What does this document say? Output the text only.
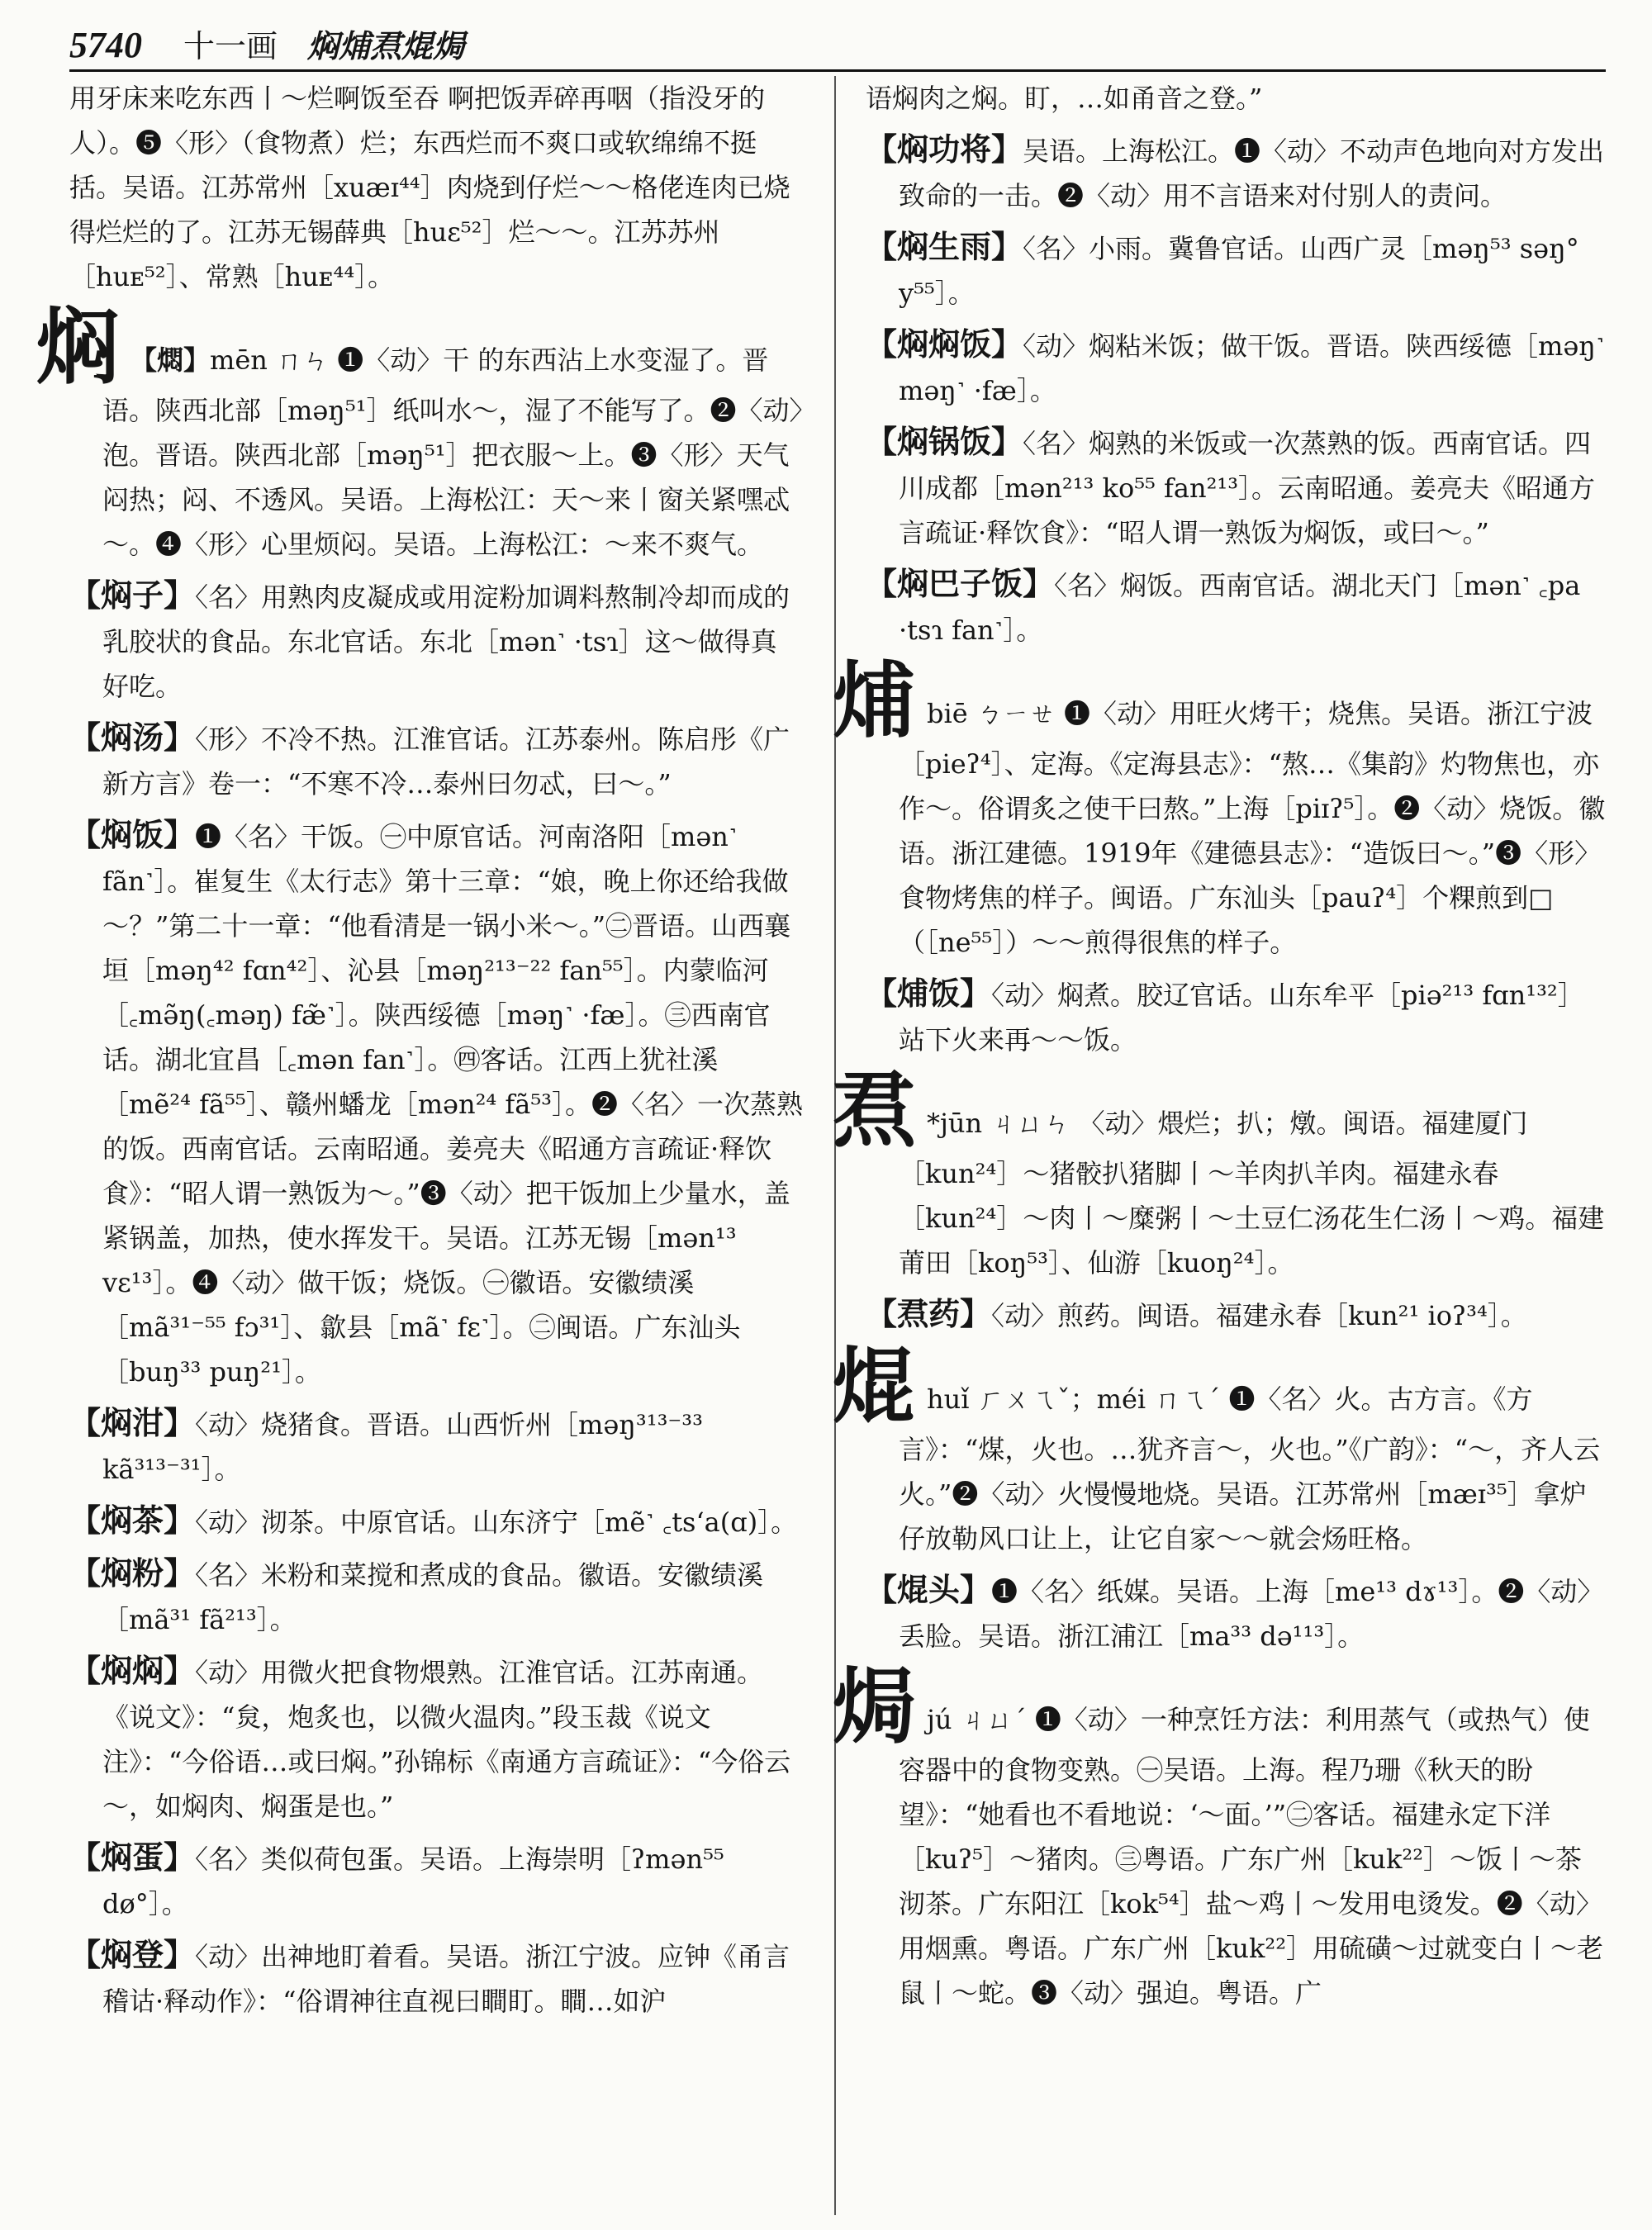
5740 十一画 焖烳焄焜焗

用牙床来吃东西丨～烂啊饭至吞 啊把饭弄碎再咽（指没牙的人）。❺〈形〉（食物煮）烂；东西烂而不爽口或软绵绵不挺括。吴语。江苏常州［xuæɪ⁴⁴］肉烧到仔烂～～格佬连肉已烧得烂烂的了。江苏无锡薛典［huɛ⁵²］烂～～。江苏苏州［huᴇ⁵²］、常熟［huᴇ⁴⁴］。

焖 【燜】mēn ㄇㄣ ❶〈动〉干 的东西沾上水变湿了。晋语。陕西北部［məŋ⁵¹］纸叫水～，湿了不能写了。❷〈动〉泡。晋语。陕西北部［məŋ⁵¹］把衣服～上。❸〈形〉天气闷热；闷、不透风。吴语。上海松江：天～来丨窗关紧嘿忒～。❹〈形〉心里烦闷。吴语。上海松江：～来不爽气。

【焖子】〈名〉用熟肉皮凝成或用淀粉加调料熬制冷却而成的乳胶状的食品。东北官话。东北［mən˺ ·tsɿ］这～做得真好吃。

【焖汤】〈形〉不冷不热。江淮官话。江苏泰州。陈启彤《广新方言》卷一：“不寒不冷…泰州曰勿忒，曰～。”

【焖饭】❶〈名〉干饭。㊀中原官话。河南洛阳［mən˺ fãn˺］。崔复生《太行志》第十三章：“娘，晚上你还给我做～？”第二十一章：“他看清是一锅小米～。”㊁晋语。山西襄垣［məŋ⁴² fɑn⁴²］、沁县［məŋ²¹³⁻²² fan⁵⁵］。内蒙临河［꜀mə̃ŋ(꜀məŋ) fæ̃˺］。陕西绥德［məŋ˺ ·fæ］。㊂西南官话。湖北宜昌［꜀mən fan˺］。㊃客话。江西上犹社溪［mẽ²⁴ fã⁵⁵］、赣州蟠龙［mən²⁴ fã⁵³］。❷〈名〉一次蒸熟的饭。西南官话。云南昭通。姜亮夫《昭通方言疏证·释饮食》：“昭人谓一熟饭为～。”❸〈动〉把干饭加上少量水，盖紧锅盖，加热，使水挥发干。吴语。江苏无锡［mən¹³ vɛ¹³］。❹〈动〉做干饭；烧饭。㊀徽语。安徽绩溪［mã³¹⁻⁵⁵ fɔ³¹］、歙县［mã˺ fɛ˺］。㊁闽语。广东汕头［buŋ³³ puŋ²¹］。

【焖泔】〈动〉烧猪食。晋语。山西忻州［məŋ³¹³⁻³³ kã³¹³⁻³¹］。

【焖茶】〈动〉沏茶。中原官话。山东济宁［mẽ˺ ꜀tsʻa(ɑ)］。

【焖粉】〈名〉米粉和菜搅和煮成的食品。徽语。安徽绩溪［mã³¹ fã²¹³］。

【焖焖】〈动〉用微火把食物煨熟。江淮官话。江苏南通。《说文》：“炱，炮炙也，以微火温肉。”段玉裁《说文注》：“今俗语…或曰焖。”孙锦标《南通方言疏证》：“今俗云～，如焖肉、焖蛋是也。”

【焖蛋】〈名〉类似荷包蛋。吴语。上海崇明［ʔmən⁵⁵ dø°］。

【焖登】〈动〉出神地盯着看。吴语。浙江宁波。应钟《甬言稽诂·释动作》：“俗谓神往直视曰瞷盯。瞷…如沪

语焖肉之焖。盯，…如甬音之登。”

【焖功将】吴语。上海松江。❶〈动〉不动声色地向对方发出致命的一击。❷〈动〉用不言语来对付别人的责问。

【焖生雨】〈名〉小雨。冀鲁官话。山西广灵［məŋ⁵³ səŋ° y⁵⁵］。

【焖焖饭】〈动〉焖粘米饭；做干饭。晋语。陕西绥德［məŋ˺ məŋ˺ ·fæ］。

【焖锅饭】〈名〉焖熟的米饭或一次蒸熟的饭。西南官话。四川成都［mən²¹³ ko⁵⁵ fan²¹³］。云南昭通。姜亮夫《昭通方言疏证·释饮食》：“昭人谓一熟饭为焖饭，或曰～。”

【焖巴子饭】〈名〉焖饭。西南官话。湖北天门［mən˺ ꜀pa ·tsɿ fan˺］。

烳biē ㄅㄧㄝ ❶〈动〉用旺火烤干；烧焦。吴语。浙江宁波［pieʔ⁴］、定海。《定海县志》：“熬…《集韵》灼物焦也，亦作～。俗谓炙之使干曰熬。”上海［piɪʔ⁵］。❷〈动〉烧饭。徽语。浙江建德。1919年《建德县志》：“造饭曰～。”❸〈形〉食物烤焦的样子。闽语。广东汕头［pauʔ⁴］个粿煎到□（［ne⁵⁵］）～～煎得很焦的样子。

【烳饭】〈动〉焖煮。胶辽官话。山东牟平［piə²¹³ fɑn¹³²］站下火来再～～饭。

焄 *jūn ㄐㄩㄣ 〈动〉煨烂；扒；燉。闽语。福建厦门［kun²⁴］～猪骹扒猪脚丨～羊肉扒羊肉。福建永春［kun²⁴］～肉丨～糜粥丨～土豆仁汤花生仁汤丨～鸡。福建莆田［koŋ⁵³］、仙游［kuoŋ²⁴］。

【焄药】〈动〉煎药。闽语。福建永春［kun²¹ ioʔ³⁴］。

焜huǐ ㄏㄨㄟˇ；méi ㄇㄟˊ ❶〈名〉火。古方言。《方言》：“煤，火也。…犹齐言～，火也。”《广韵》：“～，齐人云火。”❷〈动〉火慢慢地烧。吴语。江苏常州［mæɪ³⁵］拿炉仔放勒风口让上，让它自家～～就会炀旺格。

【焜头】❶〈名〉纸媒。吴语。上海［me¹³ dɤ¹³］。❷〈动〉丢脸。吴语。浙江浦江［ma³³ də¹¹³］。

焗jú ㄐㄩˊ ❶〈动〉一种烹饪方法：利用蒸气（或热气）使容器中的食物变熟。㊀吴语。上海。程乃珊《秋天的盼望》：“她看也不看地说：‘～面。’”㊁客话。福建永定下洋［kuʔ⁵］～猪肉。㊂粤语。广东广州［kuk²²］～饭丨～茶沏茶。广东阳江［kok⁵⁴］盐～鸡丨～发用电烫发。❷〈动〉用烟熏。粤语。广东广州［kuk²²］用硫磺～过就变白丨～老鼠丨～蛇。❸〈动〉强迫。粤语。广
